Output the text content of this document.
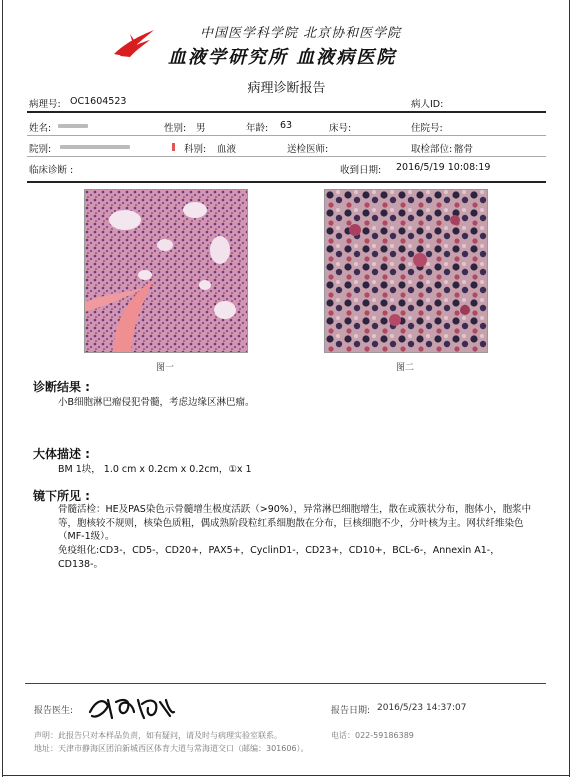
中国医学科学院 北京协和医学院
血液学研究所 血液病医院
病理诊断报告
病理号: OC1604523	病人ID:
姓名:	性别: 男	年龄: 63	床号:	住院号:
院别:	科别: 血液	送检医师:	取检部位: 髂骨
临床诊断 :	收到日期: 2016/5/19 10:08:19
图一	图二
诊断结果 :
小B细胞淋巴瘤侵犯骨髓，考虑边缘区淋巴瘤。
大体描述 :
BM 1块， 1.0 cm x 0.2cm x 0.2cm，①x 1
镜下所见 :
骨髓活检：HE及PAS染色示骨髓增生极度活跃（>90%），异常淋巴细胞增生，散在或簇状分布，胞体小，胞浆中等，胞核较不规则，核染色质粗，偶成熟阶段粒红系细胞散在分布，巨核细胞不少，分叶核为主。网状纤维染色（MF-1级）。
免疫组化:CD3-，CD5-，CD20+，PAX5+，CyclinD1-，CD23+，CD10+，BCL-6-，Annexin A1-，CD138-。
报告医生:	报告日期: 2016/5/23 14:37:07
声明：此报告只对本样品负责，如有疑问，请及时与病理实验室联系。	电话：022-59186389
地址：天津市静海区团泊新城西区体育大道与常海道交口（邮编：301606）。
